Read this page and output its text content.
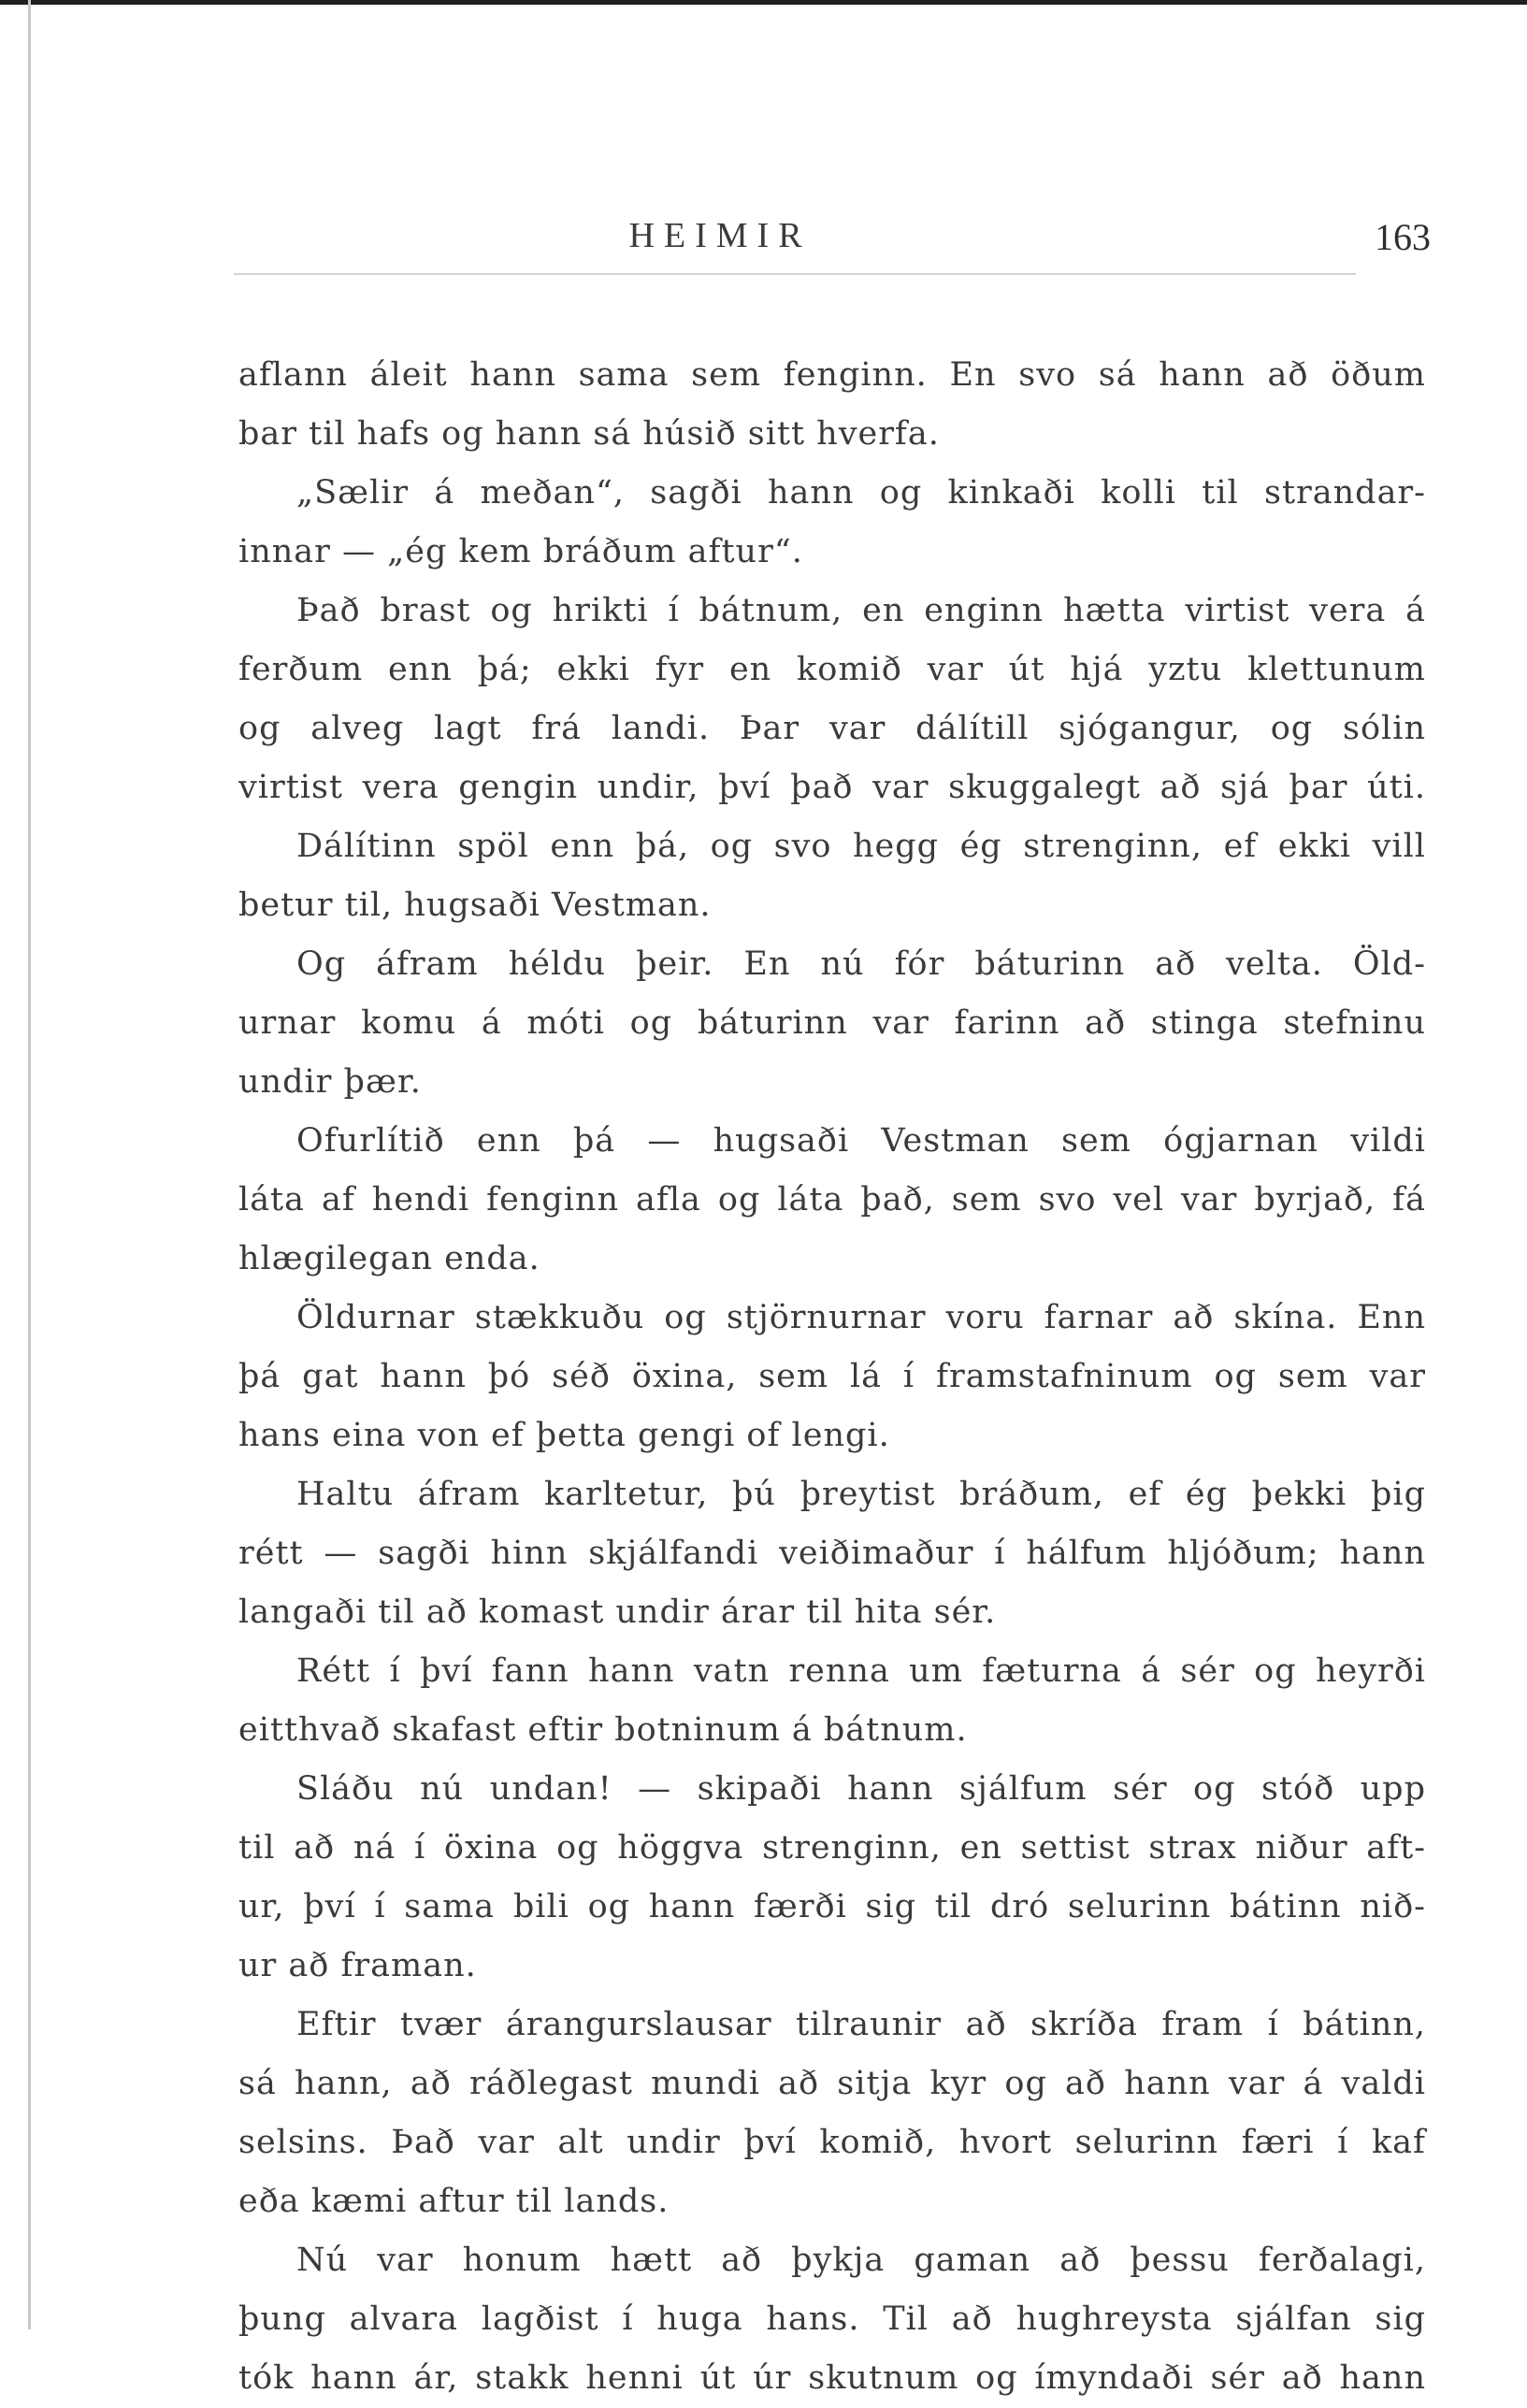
HEIMIR	163
aflann áleit hann sama sem fenginn. En svo sá hann að öðum
bar til hafs og hann sá húsið sitt hverfa.
„Sælir á meðan“, sagði hann og kinkaði kolli til strandar-
innar — „ég kem bráðum aftur“.
Það brast og hrikti í bátnum, en enginn hætta virtist vera á
ferðum enn þá; ekki fyr en komið var út hjá yztu klettunum
og alveg lagt frá landi. Þar var dálítill sjógangur, og sólin
virtist vera gengin undir, því það var skuggalegt að sjá þar úti.
Dálítinn spöl enn þá, og svo hegg ég strenginn, ef ekki vill
betur til, hugsaði Vestman.
Og áfram héldu þeir. En nú fór báturinn að velta. Öld-
urnar komu á móti og báturinn var farinn að stinga stefninu
undir þær.
Ofurlítið enn þá — hugsaði Vestman sem ógjarnan vildi
láta af hendi fenginn afla og láta það, sem svo vel var byrjað, fá
hlægilegan enda.
Öldurnar stækkuðu og stjörnurnar voru farnar að skína. Enn
þá gat hann þó séð öxina, sem lá í framstafninum og sem var
hans eina von ef þetta gengi of lengi.
Haltu áfram karltetur, þú þreytist bráðum, ef ég þekki þig
rétt — sagði hinn skjálfandi veiðimaður í hálfum hljóðum; hann
langaði til að komast undir árar til hita sér.
Rétt í því fann hann vatn renna um fæturna á sér og heyrði
eitthvað skafast eftir botninum á bátnum.
Sláðu nú undan! — skipaði hann sjálfum sér og stóð upp
til að ná í öxina og höggva strenginn, en settist strax niður aft-
ur, því í sama bili og hann færði sig til dró selurinn bátinn nið-
ur að framan.
Eftir tvær árangurslausar tilraunir að skríða fram í bátinn,
sá hann, að ráðlegast mundi að sitja kyr og að hann var á valdi
selsins. Það var alt undir því komið, hvort selurinn færi í kaf
eða kæmi aftur til lands.
Nú var honum hætt að þykja gaman að þessu ferðalagi,
þung alvara lagðist í huga hans. Til að hughreysta sjálfan sig
tók hann ár, stakk henni út úr skutnum og ímyndaði sér að hann
